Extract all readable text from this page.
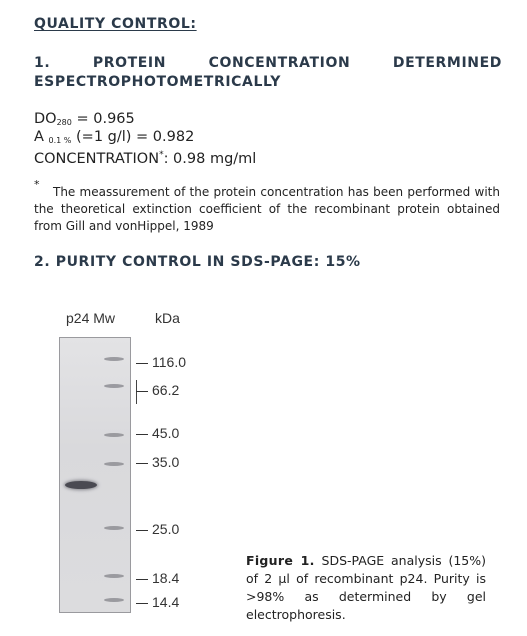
QUALITY CONTROL:
1.	PROTEIN	CONCENTRATION	DETERMINED
ESPECTROPHOTOMETRICALLY
$DO_{280} = 0.965$
A $_{0.1 \%}$ (=1 g/l) = 0.982
CONCENTRATION*: 0.98 mg/ml
*
The meassurement of the protein concentration has been performed with the theoretical extinction coefficient of the recombinant protein obtained from Gill and vonHippel, 1989
2. PURITY CONTROL IN SDS-PAGE: 15%
p24 Mw	kDa
116.0
66.2
45.0
35.0
25.0
18.4
14.4
Figure 1. SDS-PAGE analysis (15%) of 2 µl of recombinant p24. Purity is >98% as determined by gel electrophoresis.
